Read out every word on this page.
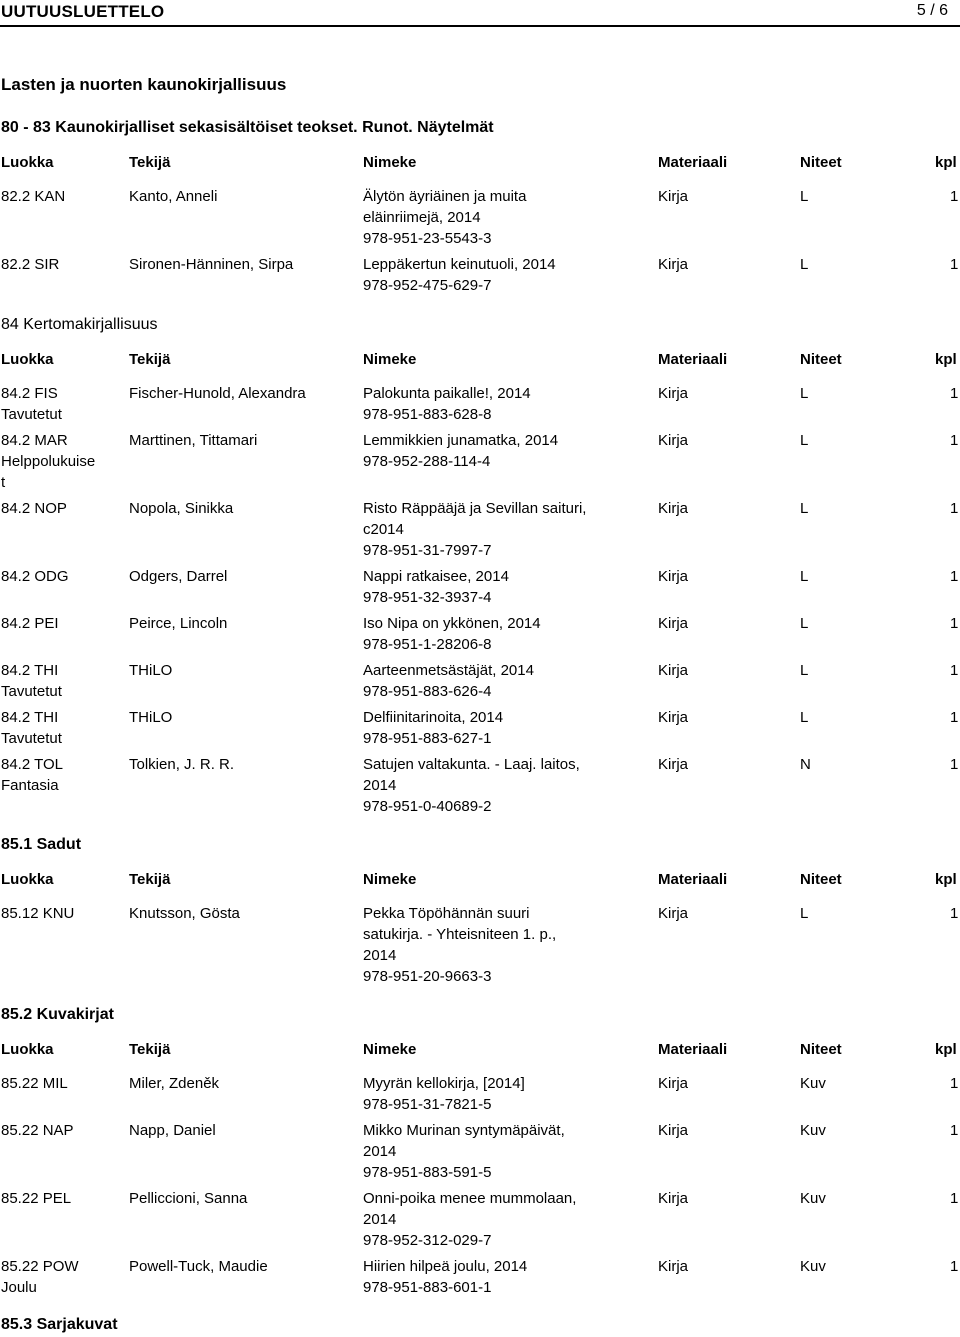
UUTUUSLUETTELO	5 / 6
Lasten ja nuorten kaunokirjallisuus
80 - 83 Kaunokirjalliset sekasisältöiset teokset. Runot. Näytelmät
Luokka	Tekijä	Nimeke	Materiaali	Niteet	kpl
82.2 KAN	Kanto, Anneli	Älytön äyriäinen ja muita
eläinriimejä, 2014
978-951-23-5543-3
Kirja	L	1
82.2 SIR	Sironen-Hänninen, Sirpa	Leppäkertun keinutuoli, 2014
978-952-475-629-7
Kirja	L	1
84 Kertomakirjallisuus
Luokka	Tekijä	Nimeke	Materiaali	Niteet	kpl
84.2 FIS
Tavutetut
Fischer-Hunold, Alexandra	Palokunta paikalle!, 2014
978-951-883-628-8
Kirja	L	1
84.2 MAR
Helppolukuise
t
Marttinen, Tittamari	Lemmikkien junamatka, 2014
978-952-288-114-4
Kirja	L	1
84.2 NOP	Nopola, Sinikka	Risto Räppääjä ja Sevillan saituri,
c2014
978-951-31-7997-7
Kirja	L	1
84.2 ODG	Odgers, Darrel	Nappi ratkaisee, 2014
978-951-32-3937-4
Kirja	L	1
84.2 PEI	Peirce, Lincoln	Iso Nipa on ykkönen, 2014
978-951-1-28206-8
Kirja	L	1
84.2 THI
Tavutetut
THiLO	Aarteenmetsästäjät, 2014
978-951-883-626-4
Kirja	L	1
84.2 THI
Tavutetut
THiLO	Delfiinitarinoita, 2014
978-951-883-627-1
Kirja	L	1
84.2 TOL
Fantasia
Tolkien, J. R. R.	Satujen valtakunta. - Laaj. laitos,
2014
978-951-0-40689-2
Kirja	N	1
85.1 Sadut
Luokka	Tekijä	Nimeke	Materiaali	Niteet	kpl
85.12 KNU	Knutsson, Gösta	Pekka Töpöhännän suuri
satukirja. - Yhteisniteen 1. p.,
2014
978-951-20-9663-3
Kirja	L	1
85.2 Kuvakirjat
Luokka	Tekijä	Nimeke	Materiaali	Niteet	kpl
85.22 MIL	Miler, Zdeněk	Myyrän kellokirja, [2014]
978-951-31-7821-5
Kirja	Kuv	1
85.22 NAP	Napp, Daniel	Mikko Murinan syntymäpäivät,
2014
978-951-883-591-5
Kirja	Kuv	1
85.22 PEL	Pelliccioni, Sanna	Onni-poika menee mummolaan,
2014
978-952-312-029-7
Kirja	Kuv	1
85.22 POW
Joulu
Powell-Tuck, Maudie	Hiirien hilpeä joulu, 2014
978-951-883-601-1
Kirja	Kuv	1
85.3 Sarjakuvat
